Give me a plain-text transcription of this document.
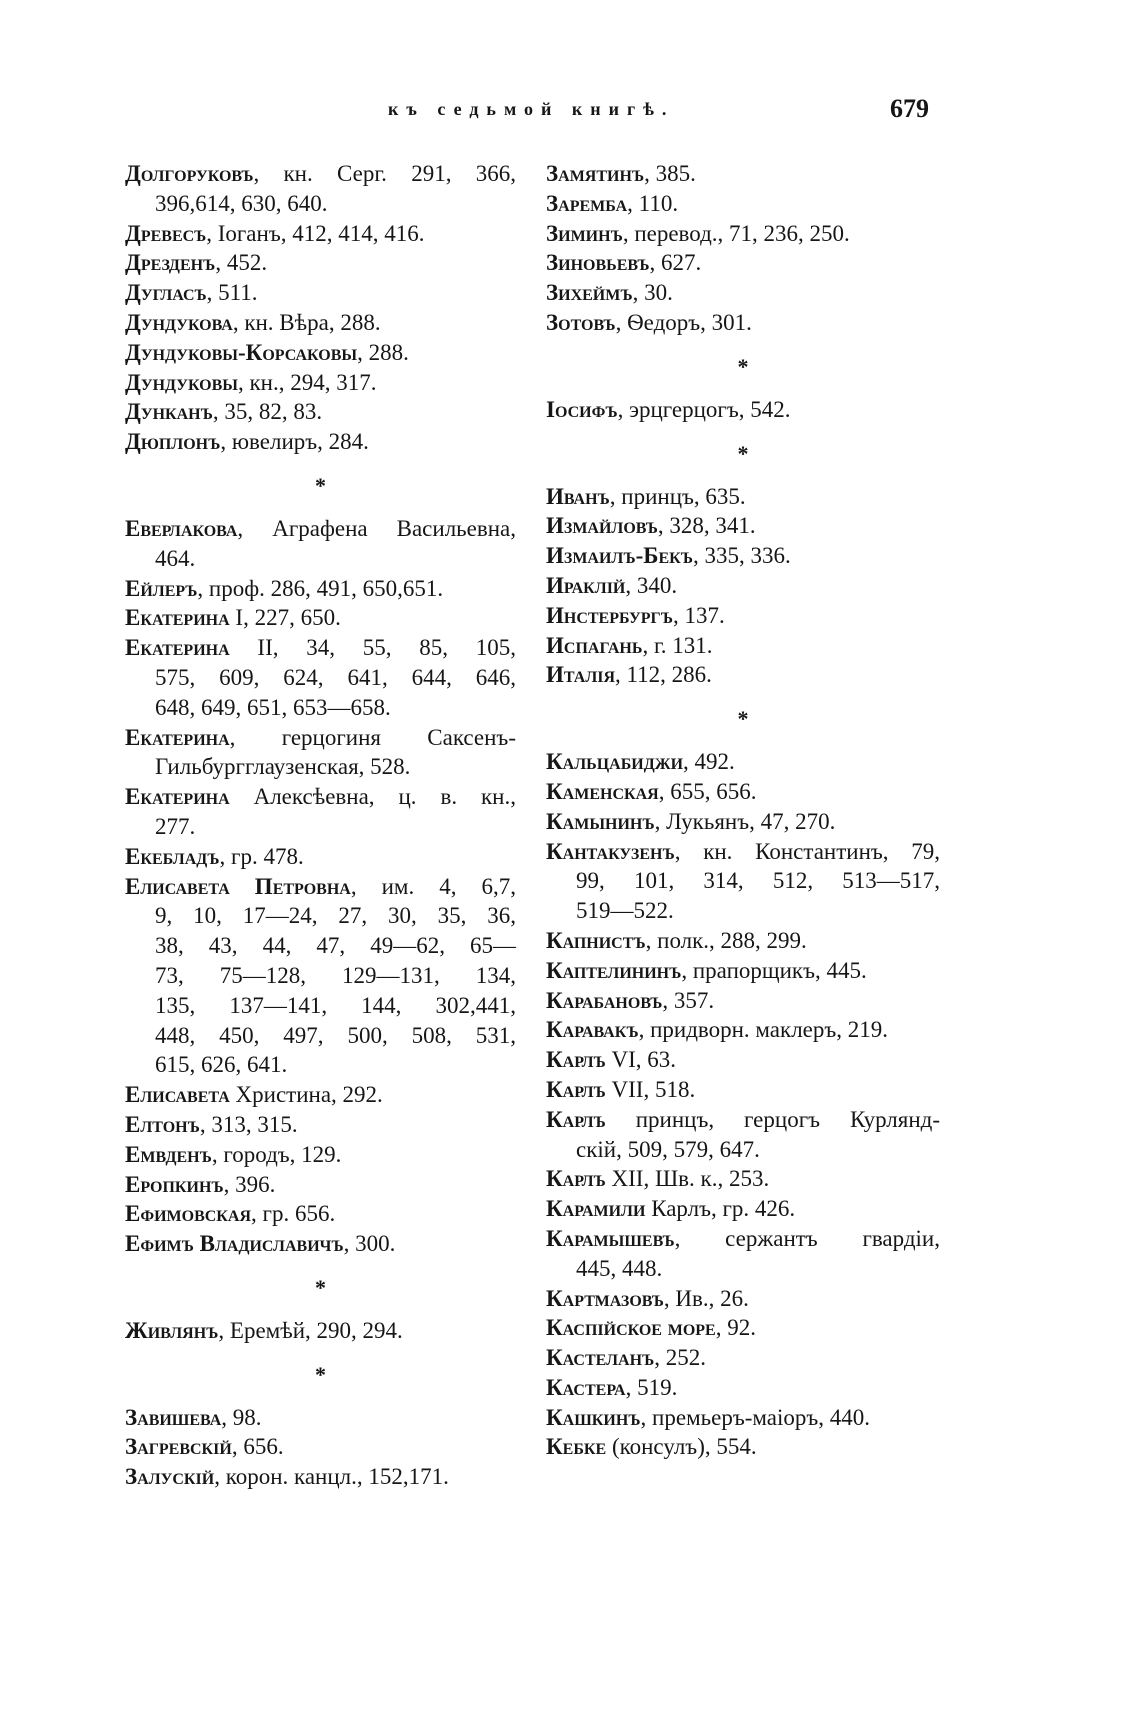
къ седьмой книгѣ.	679
Долгоруковъ, кн. Серг. 291, 366,
396,614, 630, 640.
Древесъ, Iоганъ, 412, 414, 416.
Дрезденъ, 452.
Дугласъ, 511.
Дундукова, кн. Вѣра, 288.
Дундуковы-Корсаковы, 288.
Дундуковы, кн., 294, 317.
Дунканъ, 35, 82, 83.
Дюплонъ, ювелиръ, 284.
*
Еверлакова, Аграфена Васильевна,
464.
Ейлеръ, проф. 286, 491, 650,651.
Екатерина I, 227, 650.
Екатерина II, 34, 55, 85, 105,
575, 609, 624, 641, 644, 646,
648, 649, 651, 653—658.
Екатерина, герцогиня Саксенъ-
Гильбургглаузенская, 528.
Екатерина Алексѣевна, ц. в. кн.,
277.
Екебладъ, гр. 478.
Елисавета Петровна, им. 4, 6,7,
9, 10, 17—24, 27, 30, 35, 36,
38, 43, 44, 47, 49—62, 65—
73, 75—128, 129—131, 134,
135, 137—141, 144, 302,441,
448, 450, 497, 500, 508, 531,
615, 626, 641.
Елисавета Христина, 292.
Елтонъ, 313, 315.
Емвденъ, городъ, 129.
Еропкинъ, 396.
Ефимовская, гр. 656.
Ефимъ Владиславичъ, 300.
*
Живлянъ, Еремѣй, 290, 294.
*
Завишева, 98.
Загревскій, 656.
Залускій, корон. канцл., 152,171.
Замятинъ, 385.
Заремба, 110.
Зиминъ, перевод., 71, 236, 250.
Зиновьевъ, 627.
Зихеймъ, 30.
Зотовъ, Ѳедоръ, 301.
*
Iосифъ, эрцгерцогъ, 542.
*
Иванъ, принцъ, 635.
Измайловъ, 328, 341.
Измаилъ-Бекъ, 335, 336.
Ираклій, 340.
Инстербургъ, 137.
Испагань, г. 131.
Италія, 112, 286.
*
Кальцабиджи, 492.
Каменская, 655, 656.
Камынинъ, Лукьянъ, 47, 270.
Кантакузенъ, кн. Константинъ, 79,
99, 101, 314, 512, 513—517,
519—522.
Капнистъ, полк., 288, 299.
Каптелининъ, прапорщикъ, 445.
Карабановъ, 357.
Каравакъ, придворн. маклеръ, 219.
Карлъ VI, 63.
Карлъ VII, 518.
Карлъ принцъ, герцогъ Курлянд-
скій, 509, 579, 647.
Карлъ XII, Шв. к., 253.
Карамили Карлъ, гр. 426.
Карамышевъ, сержантъ гвардіи,
445, 448.
Картмазовъ, Ив., 26.
Каспійское море, 92.
Кастеланъ, 252.
Кастера, 519.
Кашкинъ, премьеръ-маіоръ, 440.
Кебке (консулъ), 554.
